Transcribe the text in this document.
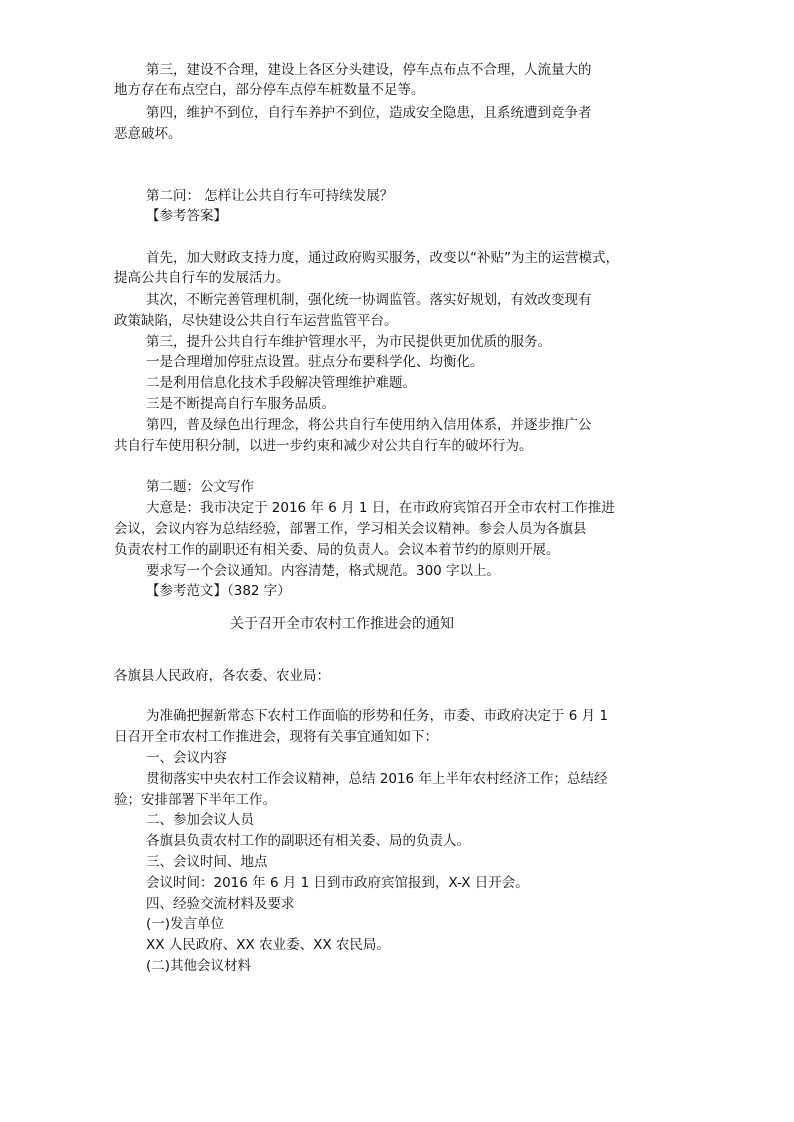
第三，建设不合理，建设上各区分头建设，停车点布点不合理，人流量大的
地方存在布点空白，部分停车点停车桩数量不足等。
第四，维护不到位，自行车养护不到位，造成安全隐患，且系统遭到竞争者
恶意破坏。
第二问： 怎样让公共自行车可持续发展？
【参考答案】
首先，加大财政支持力度，通过政府购买服务，改变以“补贴”为主的运营模式，
提高公共自行车的发展活力。
其次，不断完善管理机制，强化统一协调监管。落实好规划，有效改变现有
政策缺陷，尽快建设公共自行车运营监管平台。
第三，提升公共自行车维护管理水平，为市民提供更加优质的服务。
一是合理增加停驻点设置。驻点分布要科学化、均衡化。
二是利用信息化技术手段解决管理维护难题。
三是不断提高自行车服务品质。
第四，普及绿色出行理念，将公共自行车使用纳入信用体系，并逐步推广公
共自行车使用积分制，以进一步约束和减少对公共自行车的破坏行为。
第二题：公文写作
大意是：我市决定于 2016 年 6 月 1 日，在市政府宾馆召开全市农村工作推进
会议，会议内容为总结经验，部署工作，学习相关会议精神。参会人员为各旗县
负责农村工作的副职还有相关委、局的负责人。会议本着节约的原则开展。
要求写一个会议通知。内容清楚，格式规范。300 字以上。
【参考范文】（382 字）
关于召开全市农村工作推进会的通知
各旗县人民政府，各农委、农业局：
为准确把握新常态下农村工作面临的形势和任务，市委、市政府决定于 6 月 1
日召开全市农村工作推进会，现将有关事宜通知如下：
一、会议内容
贯彻落实中央农村工作会议精神，总结 2016 年上半年农村经济工作；总结经
验；安排部署下半年工作。
二、参加会议人员
各旗县负责农村工作的副职还有相关委、局的负责人。
三、会议时间、地点
会议时间：2016 年 6 月 1 日到市政府宾馆报到，X-X 日开会。
四、经验交流材料及要求
(一)发言单位
XX 人民政府、XX 农业委、XX 农民局。
(二)其他会议材料
